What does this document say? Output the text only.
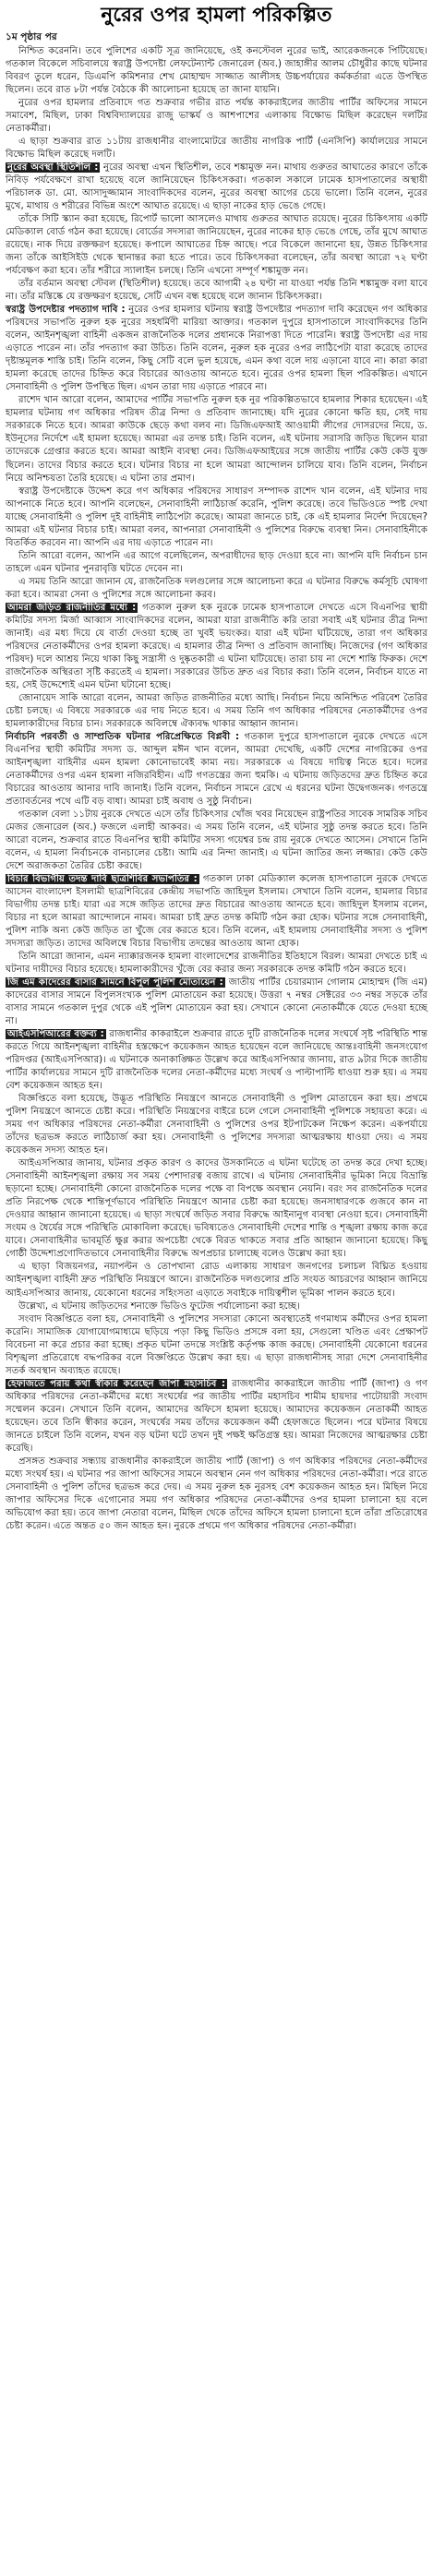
নুরের ওপর হামলা পরিকল্পিত
১ম পৃষ্ঠার পর

নিশ্চিত করেননি। তবে পুলিশের একটি সূত্র জানিয়েছে, ওই কনস্টেবল নুরের ভাই, আরেকজনকে পিটিয়েছে। গতকাল বিকেলে সচিবালয়ে স্বরাষ্ট্র উপদেষ্টা লেফটেন্যান্ট জেনারেল (অব.) জাহাঙ্গীর আলম চৌধুরীর কাছে ঘটনার বিবরণ তুলে ধরেন, ডিএমপি কমিশনার শেখ মোহাম্মদ সাজ্জাত আলীসহ উচ্চপর্যায়ের কর্মকর্তারা এতে উপস্থিত ছিলেন। তবে রাত ৮টা পর্যন্ত বৈঠকে কী আলোচনা হয়েছে তা জানা যায়নি।

নুরের ওপর হামলার প্রতিবাদে গত শুক্রবার গভীর রাত পর্যন্ত কাকরাইলের জাতীয় পার্টির অফিসের সামনে সমাবেশ, মিছিল, ঢাকা বিশ্ববিদ্যালয়ের রাজু ভাস্কর্য ও আশপাশের এলাকায় বিক্ষোভ মিছিল করেছেন দলটির নেতাকর্মীরা।

এ ছাড়া শুক্রবার রাত ১১টায় রাজধানীর বাংলামোটরে জাতীয় নাগরিক পার্টি (এনসিপি) কার্যালয়ের সামনে বিক্ষোভ মিছিল করেছে দলটি।

নুরের অবস্থা স্থিতিশীল : নুরের অবস্থা এখন স্থিতিশীল, তবে শঙ্কামুক্ত নন। মাথায় গুরুতর আঘাতের কারণে তাঁকে নিবিড় পর্যবেক্ষণে রাখা হয়েছে বলে জানিয়েছেন চিকিৎসকরা। গতকাল সকালে ঢামেক হাসপাতালের অস্থায়ী পরিচালক ডা. মো. আসাদুজ্জামান সাংবাদিকদের বলেন, নুরের অবস্থা আগের চেয়ে ভালো। তিনি বলেন, নুরের মুখে, মাথায় ও শরীরের বিভিন্ন অংশে আঘাত রয়েছে। এ ছাড়া নাকের হাড় ভেঙে গেছে।

তাঁকে সিটি স্ক্যান করা হয়েছে, রিপোর্ট ভালো আসলেও মাথায় গুরুতর আঘাত রয়েছে। নুরের চিকিৎসায় একটি মেডিক্যাল বোর্ড গঠন করা হয়েছে। বোর্ডের সদস্যরা জানিয়েছেন, নুরের নাকের হাড় ভেঙে গেছে, তাঁর মুখে আঘাত রয়েছে। নাক দিয়ে রক্তক্ষরণ হয়েছে। কপালে আঘাতের চিহ্ন আছে। পরে বিকেলে জানানো হয়, উন্নত চিকিৎসার জন্য তাঁকে আইসিইউ থেকে স্থানান্তর করা হতে পারে। তবে চিকিৎসকরা বলেছেন, তাঁর অবস্থা আরো ৭২ ঘণ্টা পর্যবেক্ষণ করা হবে। তাঁর শরীরে স্যালাইন চলছে। তিনি এখনো সম্পূর্ণ শঙ্কামুক্ত নন।

তাঁর বর্তমান অবস্থা স্টেবল (স্থিতিশীল) হয়েছে। তবে আগামী ২৪ ঘণ্টা না যাওয়া পর্যন্ত তিনি শঙ্কামুক্ত বলা যাবে না। তাঁর মস্তিষ্কে যে রক্তক্ষরণ হয়েছে, সেটি এখন বন্ধ হয়েছে বলে জানান চিকিৎসকরা।

স্বরাষ্ট্র উপদেষ্টার পদত্যাগ দাবি : নুরের ওপর হামলার ঘটনায় স্বরাষ্ট্র উপদেষ্টার পদত্যাগ দাবি করেছেন গণ অধিকার পরিষদের সভাপতি নুরুল হক নুরের সহধর্মিণী মারিয়া আক্তার। গতকাল দুপুরে হাসপাতালে সাংবাদিকদের তিনি বলেন, আইনশৃঙ্খলা বাহিনী একজন রাজনৈতিক দলের প্রধানকে নিরাপত্তা দিতে পারেনি। স্বরাষ্ট্র উপদেষ্টা এর দায় এড়াতে পারেন না। তাঁর পদত্যাগ করা উচিত। তিনি বলেন, নুরুল হক নুরের ওপর লাঠিপেটা যারা করেছে তাদের দৃষ্টান্তমূলক শাস্তি চাই। তিনি বলেন, কিছু সেটি বলে ভুল হয়েছে, এমন কথা বলে দায় এড়ানো যাবে না। কারা কারা হামলা করেছে তাদের চিহ্নিত করে বিচারের আওতায় আনতে হবে। নুরের ওপর হামলা ছিল পরিকল্পিত। এখানে সেনাবাহিনী ও পুলিশ উপস্থিত ছিল। এখন তারা দায় এড়াতে পারবে না।

রাশেদ খান আরো বলেন, আমাদের পার্টির সভাপতি নুরুল হক নুর পরিকল্পিতভাবে হামলার শিকার হয়েছেন। এই হামলার ঘটনায় গণ অধিকার পরিষদ তীব্র নিন্দা ও প্রতিবাদ জানাচ্ছে। যদি নুরের কোনো ক্ষতি হয়, সেই দায় সরকারকে নিতে হবে। আমরা কাউকে ছেড়ে কথা বলব না। ডিজিএফআই আওয়ামী লীগের দোসরদের নিয়ে, ড. ইউনূসের নির্দেশে এই হামলা হয়েছে। আমরা এর তদন্ত চাই। তিনি বলেন, এই ঘটনায় সরাসরি জড়িত ছিলেন যারা তাদেরকে গ্রেপ্তার করতে হবে। আমরা আইনি ব্যবস্থা নেব। ডিজিএফআইয়ের সঙ্গে জাতীয় পার্টির কেউ কেউ যুক্ত ছিলেন। তাদের বিচার করতে হবে। ঘটনার বিচার না হলে আমরা আন্দোলন চালিয়ে যাব। তিনি বলেন, নির্বাচন নিয়ে অনিশ্চয়তা তৈরি হয়েছে। এ ঘটনা তার প্রমাণ।

স্বরাষ্ট্র উপদেষ্টাকে উদ্দেশ করে গণ অধিকার পরিষদের সাধারণ সম্পাদক রাশেদ খান বলেন, এই ঘটনার দায় আপনাকে নিতে হবে। আপনি বলেছেন, সেনাবাহিনী লাঠিচার্জ করেনি, পুলিশ করেছে। তবে ভিডিওতে স্পষ্ট দেখা যাচ্ছে সেনাবাহিনী ও পুলিশ দুই বাহিনীই লাঠিপেটা করেছে। আমরা জানতে চাই, কে এই হামলার নির্দেশ দিয়েছেন? আমরা এই ঘটনার বিচার চাই। আমরা বলব, আপনারা সেনাবাহিনী ও পুলিশের বিরুদ্ধে ব্যবস্থা নিন। সেনাবাহিনীকে বিতর্কিত করবেন না। আপনি এর দায় এড়াতে পারেন না।

তিনি আরো বলেন, আপনি এর আগে বলেছিলেন, অপরাধীদের ছাড় দেওয়া হবে না। আপনি যদি নির্বাচন চান তাহলে এমন ঘটনার পুনরাবৃত্তি ঘটতে দেবেন না।

এ সময় তিনি আরো জানান যে, রাজনৈতিক দলগুলোর সঙ্গে আলোচনা করে এ ঘটনার বিরুদ্ধে কর্মসূচি ঘোষণা করা হবে। আমরা সেনা ও পুলিশের সঙ্গে আলোচনা করব।

আমরা জড়িত রাজনীতির মধ্যে : গতকাল নুরুল হক নুরকে ঢামেক হাসপাতালে দেখতে এসে বিএনপির স্থায়ী কমিটির সদস্য মির্জা আব্বাস সাংবাদিকদের বলেন, আমরা যারা রাজনীতি করি তারা সবাই এই ঘটনার তীব্র নিন্দা জানাই। এর মধ্য দিয়ে যে বার্তা দেওয়া হচ্ছে তা খুবই ভয়ংকর। যারা এই ঘটনা ঘটিয়েছে, তারা গণ অধিকার পরিষদের নেতাকর্মীদের ওপর হামলা করেছে। এ হামলার তীব্র নিন্দা ও প্রতিবাদ জানাচ্ছি। নিজেদের (গণ অধিকার পরিষদ) দলে আশ্রয় নিয়ে থাকা কিছু সন্ত্রাসী ও দুষ্কৃতকারী এ ঘটনা ঘটিয়েছে। তারা চায় না দেশে শান্তি ফিরুক। দেশে রাজনৈতিক অস্থিরতা সৃষ্টি করতেই এ হামলা। সরকারের উচিত দ্রুত এর বিচার করা। তিনি বলেন, নির্বাচন যাতে না হয়, সেই উদ্দেশ্যেই এমন ঘটনা ঘটানো হচ্ছে।

জোনায়েদ সাকি আরো বলেন, আমরা জড়িত রাজনীতির মধ্যে আছি। নির্বাচন নিয়ে অনিশ্চিত পরিবেশ তৈরির চেষ্টা চলছে। এ বিষয়ে সরকারকে এর দায় নিতে হবে। এ সময় তিনি গণ অধিকার পরিষদের নেতাকর্মীদের ওপর হামলাকারীদের বিচার চান। সরকারকে অবিলম্বে ঐক্যবদ্ধ থাকার আহ্বান জানান।

নির্বাচনি পরবর্তী ও সাম্প্রতিক ঘটনার পরিপ্রেক্ষিতে বিপ্লবী : গতকাল দুপুরে হাসপাতালে নুরকে দেখতে এসে বিএনপির স্থায়ী কমিটির সদস্য ড. আব্দুল মঈন খান বলেন, আমরা দেখেছি, একটি দেশের নাগরিকের ওপর আইনশৃঙ্খলা বাহিনীর এমন হামলা কোনোভাবেই কাম্য নয়। সরকারকে এ বিষয়ে দায়িত্ব নিতে হবে। দলের নেতাকর্মীদের ওপর এমন হামলা নজিরবিহীন। এটি গণতন্ত্রের জন্য হুমকি। এ ঘটনায় জড়িতদের দ্রুত চিহ্নিত করে বিচারের আওতায় আনার দাবি জানাই। তিনি বলেন, নির্বাচন সামনে রেখে এ ধরনের ঘটনা উদ্বেগজনক। গণতন্ত্রে প্রত্যাবর্তনের পথে এটি বড় বাধা। আমরা চাই অবাধ ও সুষ্ঠু নির্বাচন।

গতকাল বেলা ১১টায় নুরকে দেখতে এসে তাঁর চিকিৎসার খোঁজ খবর নিয়েছেন রাষ্ট্রপতির সাবেক সামরিক সচিব মেজর জেনারেল (অব.) ফজলে এলাহী আকবর। এ সময় তিনি বলেন, এই ঘটনার সুষ্ঠু তদন্ত করতে হবে। তিনি আরো বলেন, শুক্রবার রাতে বিএনপির স্থায়ী কমিটির সদস্য গয়েশ্বর চন্দ্র রায় নুরকে দেখতে আসেন। সেখানে তিনি বলেন, এ হামলা নির্বাচনকে বানচালের চেষ্টা। আমি এর নিন্দা জানাই। এ ঘটনা জাতির জন্য লজ্জার। কেউ কেউ দেশে অরাজকতা তৈরির চেষ্টা করছে।

বিচার বিভাগীয় তদন্ত দাবি ছাত্রশিবির সভাপতির : গতকাল ঢাকা মেডিক্যাল কলেজ হাসপাতালে নুরকে দেখতে আসেন বাংলাদেশ ইসলামী ছাত্রশিবিরের কেন্দ্রীয় সভাপতি জাহিদুল ইসলাম। সেখানে তিনি বলেন, হামলার বিচার বিভাগীয় তদন্ত চাই। যারা এর সঙ্গে জড়িত তাদের দ্রুত বিচারের আওতায় আনতে হবে। জাহিদুল ইসলাম বলেন, বিচার না হলে আমরা আন্দোলনে নামব। আমরা চাই দ্রুত তদন্ত কমিটি গঠন করা হোক। ঘটনার সঙ্গে সেনাবাহিনী, পুলিশ নাকি অন্য কেউ জড়িত তা খুঁজে বের করতে হবে। তিনি বলেন, এই হামলায় সেনাবাহিনীর সদস্য ও পুলিশ সদস্যরা জড়িত। তাদের অবিলম্বে বিচার বিভাগীয় তদন্তের আওতায় আনা হোক।

তিনি আরো জানান, এমন ন্যাক্কারজনক হামলা বাংলাদেশের রাজনীতির ইতিহাসে বিরল। আমরা দেখতে চাই এ ঘটনার দায়ীদের বিচার হয়েছে। হামলাকারীদের খুঁজে বের করার জন্য সরকারকে তদন্ত কমিটি গঠন করতে হবে।

জি এম কাদেরের বাসার সামনে বিপুল পুলিশ মোতায়েন : জাতীয় পার্টির চেয়ারম্যান গোলাম মোহাম্মদ (জি এম) কাদেরের বাসার সামনে বিপুলসংখ্যক পুলিশ মোতায়েন করা হয়েছে। উত্তরা ৭ নম্বর সেক্টরের ৩৩ নম্বর সড়কে তাঁর বাসার সামনে গতকাল দুপুর থেকে এই পুলিশ মোতায়েন করা হয়। সেখানে কোনো নেতাকর্মীকে যেতে দেওয়া হচ্ছে না।

আইএসপিআরের বক্তব্য : রাজধানীর কাকরাইলে শুক্রবার রাতে দুটি রাজনৈতিক দলের সংঘর্ষে সৃষ্ট পরিস্থিতি শান্ত করতে গিয়ে আইনশৃঙ্খলা বাহিনীর হস্তক্ষেপে কয়েকজন আহত হয়েছেন বলে জানিয়েছে আন্তঃবাহিনী জনসংযোগ পরিদপ্তর (আইএসপিআর)। এ ঘটনাকে অনাকাঙ্ক্ষিত উল্লেখ করে আইএসপিআর জানায়, রাত ৯টার দিকে জাতীয় পার্টির কার্যালয়ের সামনে দুটি রাজনৈতিক দলের নেতা-কর্মীদের মধ্যে সংঘর্ষ ও পাল্টাপাল্টি ধাওয়া শুরু হয়। এ সময় বেশ কয়েকজন আহত হন।

বিজ্ঞপ্তিতে বলা হয়েছে, উদ্ভূত পরিস্থিতি নিয়ন্ত্রণে আনতে সেনাবাহিনী ও পুলিশ মোতায়েন করা হয়। প্রথমে পুলিশ নিয়ন্ত্রণে আনতে চেষ্টা করে। পরিস্থিতি নিয়ন্ত্রণের বাইরে চলে গেলে সেনাবাহিনী পুলিশকে সহায়তা করে। এ সময় গণ অধিকার পরিষদের নেতা-কর্মীরা সেনাবাহিনী ও পুলিশের ওপর ইটপাটকেল নিক্ষেপ করেন। একপর্যায়ে তাঁদের ছত্রভঙ্গ করতে লাঠিচার্জ করা হয়। সেনাবাহিনী ও পুলিশের সদস্যরা আত্মরক্ষায় ধাওয়া দেয়। এ সময় কয়েকজন সদস্য আহত হন।

আইএসপিআর জানায়, ঘটনার প্রকৃত কারণ ও কাদের উসকানিতে এ ঘটনা ঘটেছে তা তদন্ত করে দেখা হচ্ছে। সেনাবাহিনী আইনশৃঙ্খলা রক্ষায় সব সময় পেশাদারত্ব বজায় রাখে। এ ঘটনায় সেনাবাহিনীর ভূমিকা নিয়ে বিভ্রান্তি ছড়ানো হচ্ছে। সেনাবাহিনী কোনো রাজনৈতিক দলের পক্ষে বা বিপক্ষে অবস্থান নেয়নি। বরং সব রাজনৈতিক দলের প্রতি নিরপেক্ষ থেকে শান্তিপূর্ণভাবে পরিস্থিতি নিয়ন্ত্রণে আনার চেষ্টা করা হয়েছে। জনসাধারণকে গুজবে কান না দেওয়ার আহ্বান জানানো হয়েছে। এ ছাড়া সংঘর্ষে জড়িত সবার বিরুদ্ধে আইনানুগ ব্যবস্থা নেওয়া হবে। সেনাবাহিনী সংযম ও ধৈর্যের সঙ্গে পরিস্থিতি মোকাবিলা করেছে। ভবিষ্যতেও সেনাবাহিনী দেশের শান্তি ও শৃঙ্খলা রক্ষায় কাজ করে যাবে। সেনাবাহিনীর ভাবমূর্তি ক্ষুণ্ণ করার অপচেষ্টা থেকে বিরত থাকতে সবার প্রতি আহ্বান জানানো হয়েছে। কিছু গোষ্ঠী উদ্দেশ্যপ্রণোদিতভাবে সেনাবাহিনীর বিরুদ্ধে অপপ্রচার চালাচ্ছে বলেও উল্লেখ করা হয়।

এ ছাড়া বিজয়নগর, নয়াপল্টন ও তোপখানা রোড এলাকায় সাধারণ জনগণের চলাচল বিঘ্নিত হওয়ায় আইনশৃঙ্খলা বাহিনী দ্রুত পরিস্থিতি নিয়ন্ত্রণে আনে। রাজনৈতিক দলগুলোর প্রতি সংযত আচরণের আহ্বান জানিয়ে আইএসপিআর জানায়, যেকোনো ধরনের সহিংসতা এড়াতে সবাইকে দায়িত্বশীল ভূমিকা পালন করতে হবে।

উল্লেখ্য, এ ঘটনায় জড়িতদের শনাক্তে ভিডিও ফুটেজ পর্যালোচনা করা হচ্ছে।

সংবাদ বিজ্ঞপ্তিতে বলা হয়, সেনাবাহিনী ও পুলিশের সদস্যরা কোনো অবস্থাতেই গণমাধ্যম কর্মীদের ওপর হামলা করেনি। সামাজিক যোগাযোগমাধ্যমে ছড়িয়ে পড়া কিছু ভিডিও প্রসঙ্গে বলা হয়, সেগুলো খণ্ডিত এবং প্রেক্ষাপট বিবেচনা না করে প্রচার করা হচ্ছে। প্রকৃত ঘটনা তদন্তে সংশ্লিষ্ট কর্তৃপক্ষ কাজ করছে। সেনাবাহিনী যেকোনো ধরনের বিশৃঙ্খলা প্রতিরোধে বদ্ধপরিকর বলে বিজ্ঞপ্তিতে উল্লেখ করা হয়। এ ছাড়া রাজধানীসহ সারা দেশে সেনাবাহিনীর সতর্ক অবস্থান অব্যাহত রয়েছে।

হেফাজতে পরায় কথা স্বীকার করেছেন জাপা মহাসচিব : রাজধানীর কাকরাইলে জাতীয় পার্টি (জাপা) ও গণ অধিকার পরিষদের নেতা-কর্মীদের মধ্যে সংঘর্ষের পর জাতীয় পার্টির মহাসচিব শামীম হায়দার পাটোয়ারী সংবাদ সম্মেলন করেন। সেখানে তিনি বলেন, আমাদের অফিসে হামলা হয়েছে। আমাদের কয়েকজন নেতাকর্মী আহত হয়েছেন। তবে তিনি স্বীকার করেন, সংঘর্ষের সময় তাঁদের কয়েকজন কর্মী হেফাজতে ছিলেন। পরে ঘটনার বিষয়ে জানতে চাইলে তিনি বলেন, যখন বড় ঘটনা ঘটে তখন দুই পক্ষই ক্ষতিগ্রস্ত হয়। আমরা নিজেদের আত্মরক্ষার চেষ্টা করেছি।

প্রসঙ্গত শুক্রবার সন্ধ্যায় রাজধানীর কাকরাইলে জাতীয় পার্টি (জাপা) ও গণ অধিকার পরিষদের নেতা-কর্মীদের মধ্যে সংঘর্ষ হয়। এ ঘটনার পর জাপা অফিসের সামনে অবস্থান নেন গণ অধিকার পরিষদের নেতা-কর্মীরা। পরে রাতে সেনাবাহিনী ও পুলিশ তাঁদের ছত্রভঙ্গ করে দেয়। এ সময় নুরুল হক নুরসহ বেশ কয়েকজন আহত হন। মিছিল নিয়ে জাপার অফিসের দিকে এগোনোর সময় গণ অধিকার পরিষদের নেতা-কর্মীদের ওপর হামলা চালানো হয় বলে অভিযোগ করা হয়। তবে জাপা নেতারা বলেন, মিছিল থেকে তাঁদের অফিসে হামলা চালানো হলে তাঁরা প্রতিরোধের চেষ্টা করেন। এতে অন্তত ৫০ জন আহত হন। নুরকে প্রথমে গণ অধিকার পরিষদের নেতা-কর্মীরা।
